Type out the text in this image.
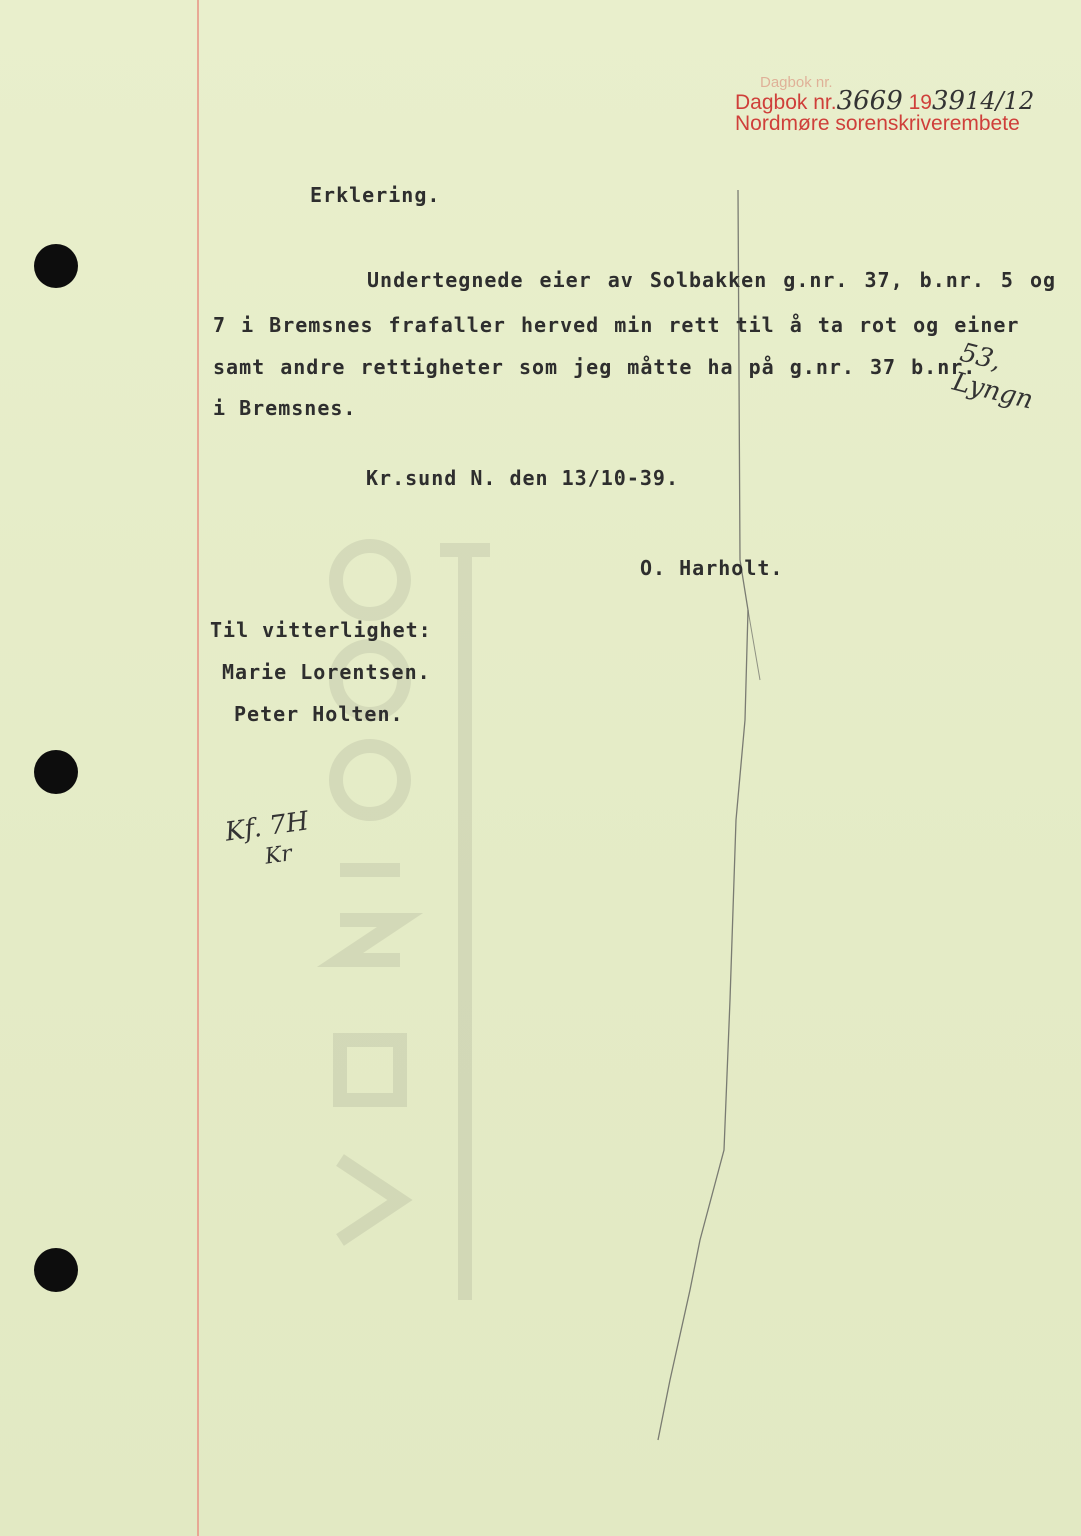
Dagbok nr.
Dagbok nr.3669 193914/12
Nordmøre sorenskriverembete
Erklering.
Undertegnede eier av Solbakken g.nr. 37, b.nr. 5 og
7 i Bremsnes frafaller herved min rett til å ta rot og einer
samt andre rettigheter som jeg måtte ha på g.nr. 37 b.nr.
53, Lyngn
i Bremsnes.
Kr.sund N. den 13/10-39.
O. Harholt.
Til vitterlighet:
Marie Lorentsen.
Peter Holten.
Kf. 7H
Kr
